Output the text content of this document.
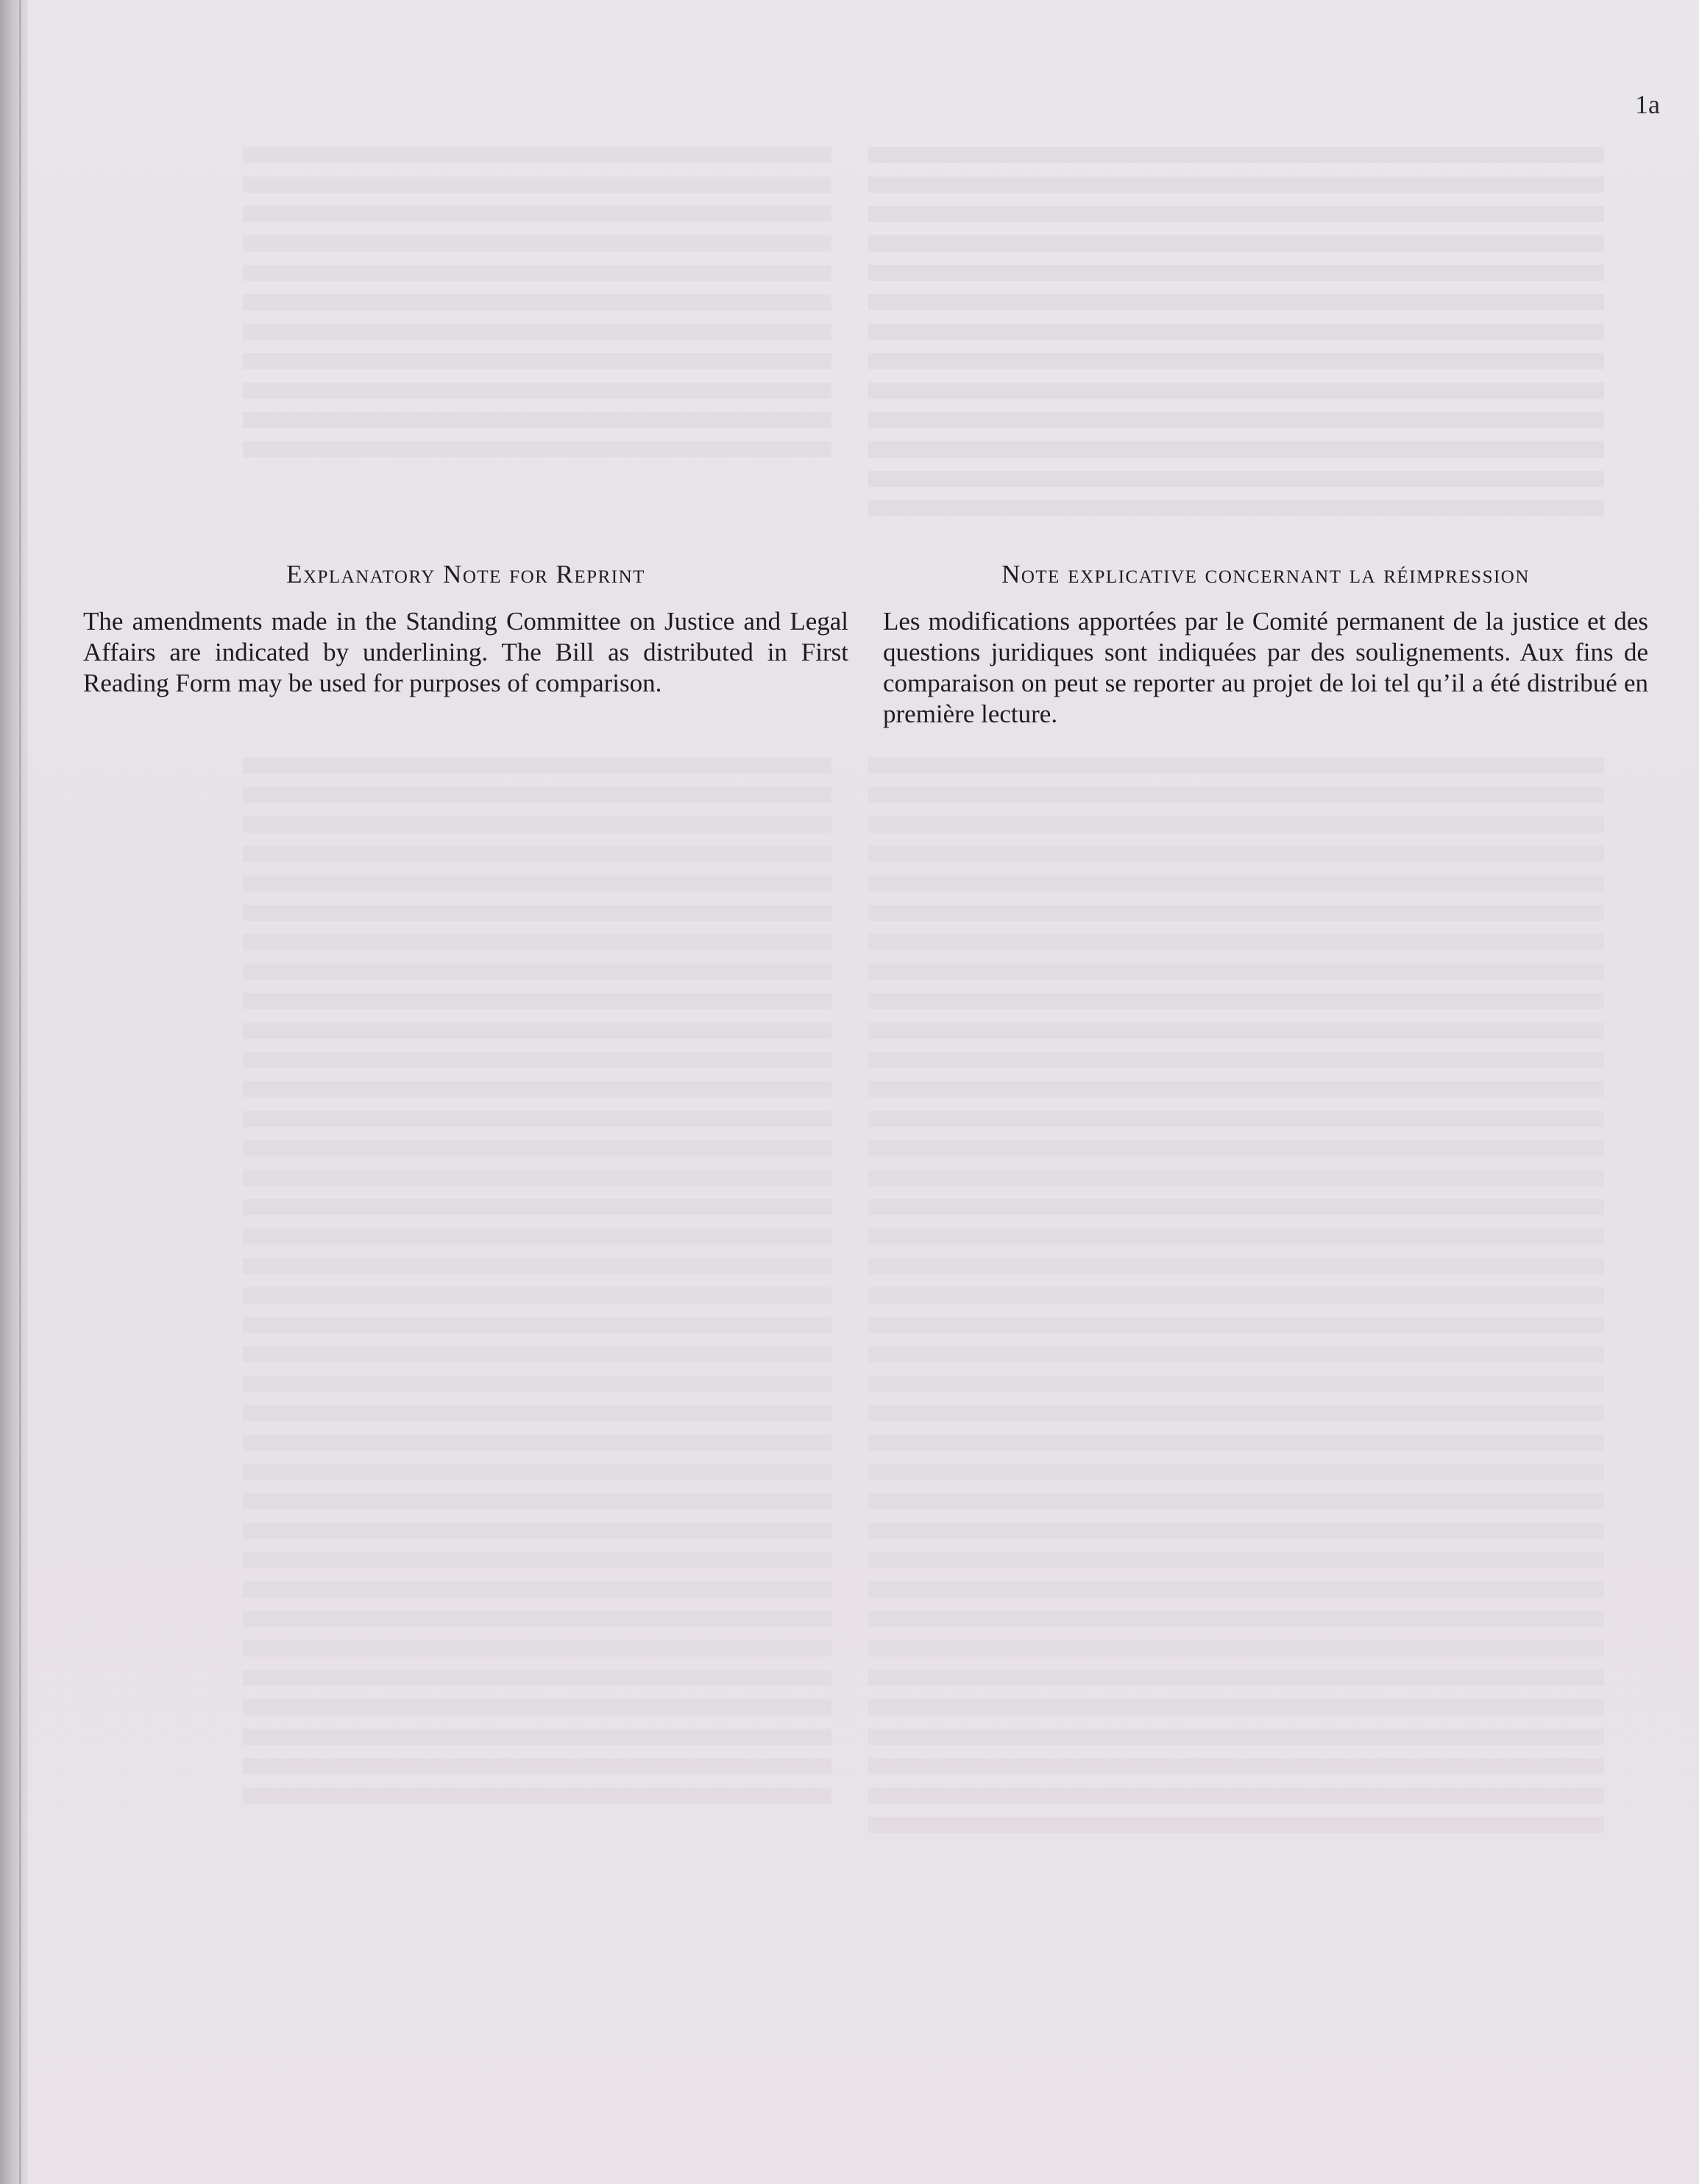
1a
Explanatory Note for Reprint

The amendments made in the Standing Committee on Justice and Legal Affairs are indicated by underlining. The Bill as distributed in First Reading Form may be used for purposes of comparison.

Note explicative concernant la réimpression

Les modifications apportées par le Comité permanent de la justice et des questions juridiques sont indiquées par des soulignements. Aux fins de comparaison on peut se reporter au projet de loi tel qu’il a été distribué en première lecture.
